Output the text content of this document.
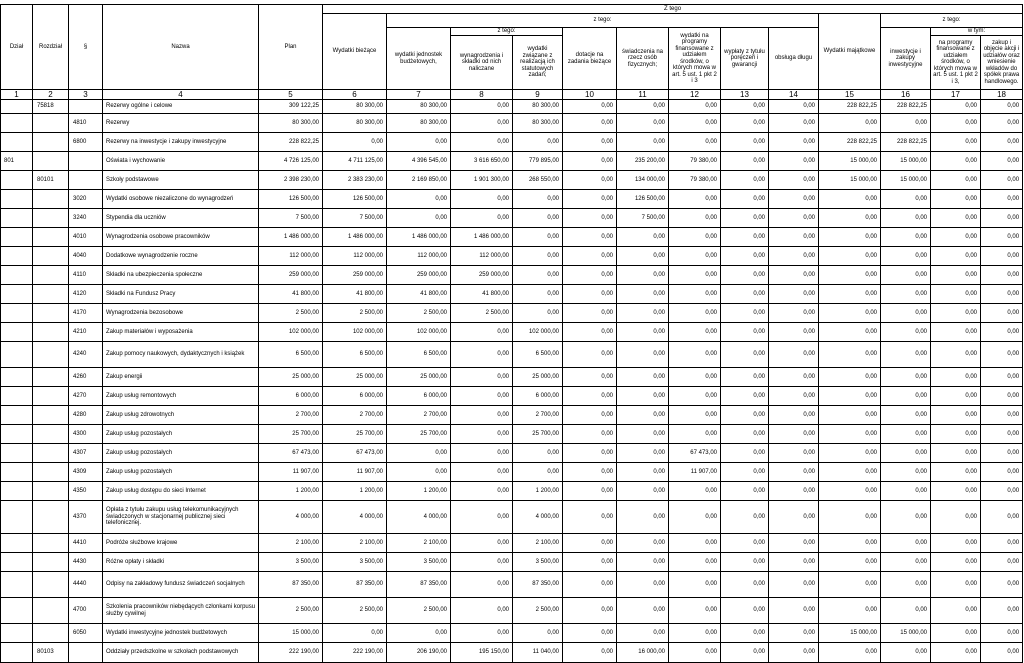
Dział	Rozdział	§	Nazwa	Plan	Z tego												
					Wydatki bieżące	z tego:								Wydatki majątkowe	z tego:		
						wydatki jednostek budżetowych,	z tego:		dotacje na zadania bieżące	świadczenia na rzecz osób fizycznych;	wydatki na programy finansowane z udziałem środków, o których mowa w art. 5 ust. 1 pkt 2 i 3	wypłaty z tytułu poręczeń i gwarancji	obsługa długu		inwestycje i zakupy inwestycyjne	w tym:	
							wynagrodzenia i składki od nich naliczane	wydatki związane z realizacją ich statutowych zadań;								na programy finansowane z udziałem środków, o których mowa w art. 5 ust. 1 pkt 2 i 3,	zakup i objęcie akcji i udziałów oraz wniesienie wkładów do spółek prawa handlowego.
1	2	3	4	5	6	7	8	9	10	11	12	13	14	15	16	17	18
	75818		Rezerwy ogólne i celowe	309 122,25	80 300,00	80 300,00	0,00	80 300,00	0,00	0,00	0,00	0,00	0,00	228 822,25	228 822,25	0,00	0,00
		4810	Rezerwy	80 300,00	80 300,00	80 300,00	0,00	80 300,00	0,00	0,00	0,00	0,00	0,00	0,00	0,00	0,00	0,00
		6800	Rezerwy na inwestycje i zakupy inwestycyjne	228 822,25	0,00	0,00	0,00	0,00	0,00	0,00	0,00	0,00	0,00	228 822,25	228 822,25	0,00	0,00
801			Oświata i wychowanie	4 726 125,00	4 711 125,00	4 396 545,00	3 616 650,00	779 895,00	0,00	235 200,00	79 380,00	0,00	0,00	15 000,00	15 000,00	0,00	0,00
	80101		Szkoły podstawowe	2 398 230,00	2 383 230,00	2 169 850,00	1 901 300,00	268 550,00	0,00	134 000,00	79 380,00	0,00	0,00	15 000,00	15 000,00	0,00	0,00
		3020	Wydatki osobowe niezaliczone do wynagrodzeń	126 500,00	126 500,00	0,00	0,00	0,00	0,00	126 500,00	0,00	0,00	0,00	0,00	0,00	0,00	0,00
		3240	Stypendia dla uczniów	7 500,00	7 500,00	0,00	0,00	0,00	0,00	7 500,00	0,00	0,00	0,00	0,00	0,00	0,00	0,00
		4010	Wynagrodzenia osobowe pracowników	1 486 000,00	1 486 000,00	1 486 000,00	1 486 000,00	0,00	0,00	0,00	0,00	0,00	0,00	0,00	0,00	0,00	0,00
		4040	Dodatkowe wynagrodzenie roczne	112 000,00	112 000,00	112 000,00	112 000,00	0,00	0,00	0,00	0,00	0,00	0,00	0,00	0,00	0,00	0,00
		4110	Składki na ubezpieczenia społeczne	259 000,00	259 000,00	259 000,00	259 000,00	0,00	0,00	0,00	0,00	0,00	0,00	0,00	0,00	0,00	0,00
		4120	Składki na Fundusz Pracy	41 800,00	41 800,00	41 800,00	41 800,00	0,00	0,00	0,00	0,00	0,00	0,00	0,00	0,00	0,00	0,00
		4170	Wynagrodzenia bezosobowe	2 500,00	2 500,00	2 500,00	2 500,00	0,00	0,00	0,00	0,00	0,00	0,00	0,00	0,00	0,00	0,00
		4210	Zakup materiałów i wyposażenia	102 000,00	102 000,00	102 000,00	0,00	102 000,00	0,00	0,00	0,00	0,00	0,00	0,00	0,00	0,00	0,00
		4240	Zakup pomocy naukowych, dydaktycznych i książek	6 500,00	6 500,00	6 500,00	0,00	6 500,00	0,00	0,00	0,00	0,00	0,00	0,00	0,00	0,00	0,00
		4260	Zakup energii	25 000,00	25 000,00	25 000,00	0,00	25 000,00	0,00	0,00	0,00	0,00	0,00	0,00	0,00	0,00	0,00
		4270	Zakup usług remontowych	6 000,00	6 000,00	6 000,00	0,00	6 000,00	0,00	0,00	0,00	0,00	0,00	0,00	0,00	0,00	0,00
		4280	Zakup usług zdrowotnych	2 700,00	2 700,00	2 700,00	0,00	2 700,00	0,00	0,00	0,00	0,00	0,00	0,00	0,00	0,00	0,00
		4300	Zakup usług pozostałych	25 700,00	25 700,00	25 700,00	0,00	25 700,00	0,00	0,00	0,00	0,00	0,00	0,00	0,00	0,00	0,00
		4307	Zakup usług pozostałych	67 473,00	67 473,00	0,00	0,00	0,00	0,00	0,00	67 473,00	0,00	0,00	0,00	0,00	0,00	0,00
		4309	Zakup usług pozostałych	11 907,00	11 907,00	0,00	0,00	0,00	0,00	0,00	11 907,00	0,00	0,00	0,00	0,00	0,00	0,00
		4350	Zakup usług dostępu do sieci Internet	1 200,00	1 200,00	1 200,00	0,00	1 200,00	0,00	0,00	0,00	0,00	0,00	0,00	0,00	0,00	0,00
		4370	Opłata z tytułu zakupu usług telekomunikacyjnych świadczonych w stacjonarnej publicznej sieci telefonicznej.	4 000,00	4 000,00	4 000,00	0,00	4 000,00	0,00	0,00	0,00	0,00	0,00	0,00	0,00	0,00	0,00
		4410	Podróże służbowe krajowe	2 100,00	2 100,00	2 100,00	0,00	2 100,00	0,00	0,00	0,00	0,00	0,00	0,00	0,00	0,00	0,00
		4430	Różne opłaty i składki	3 500,00	3 500,00	3 500,00	0,00	3 500,00	0,00	0,00	0,00	0,00	0,00	0,00	0,00	0,00	0,00
		4440	Odpisy na zakładowy fundusz świadczeń socjalnych	87 350,00	87 350,00	87 350,00	0,00	87 350,00	0,00	0,00	0,00	0,00	0,00	0,00	0,00	0,00	0,00
		4700	Szkolenia pracowników niebędących członkami korpusu służby cywilnej	2 500,00	2 500,00	2 500,00	0,00	2 500,00	0,00	0,00	0,00	0,00	0,00	0,00	0,00	0,00	0,00
		6050	Wydatki inwestycyjne jednostek budżetowych	15 000,00	0,00	0,00	0,00	0,00	0,00	0,00	0,00	0,00	0,00	15 000,00	15 000,00	0,00	0,00
	80103		Oddziały przedszkolne w szkołach podstawowych	222 190,00	222 190,00	206 190,00	195 150,00	11 040,00	0,00	16 000,00	0,00	0,00	0,00	0,00	0,00	0,00	0,00
